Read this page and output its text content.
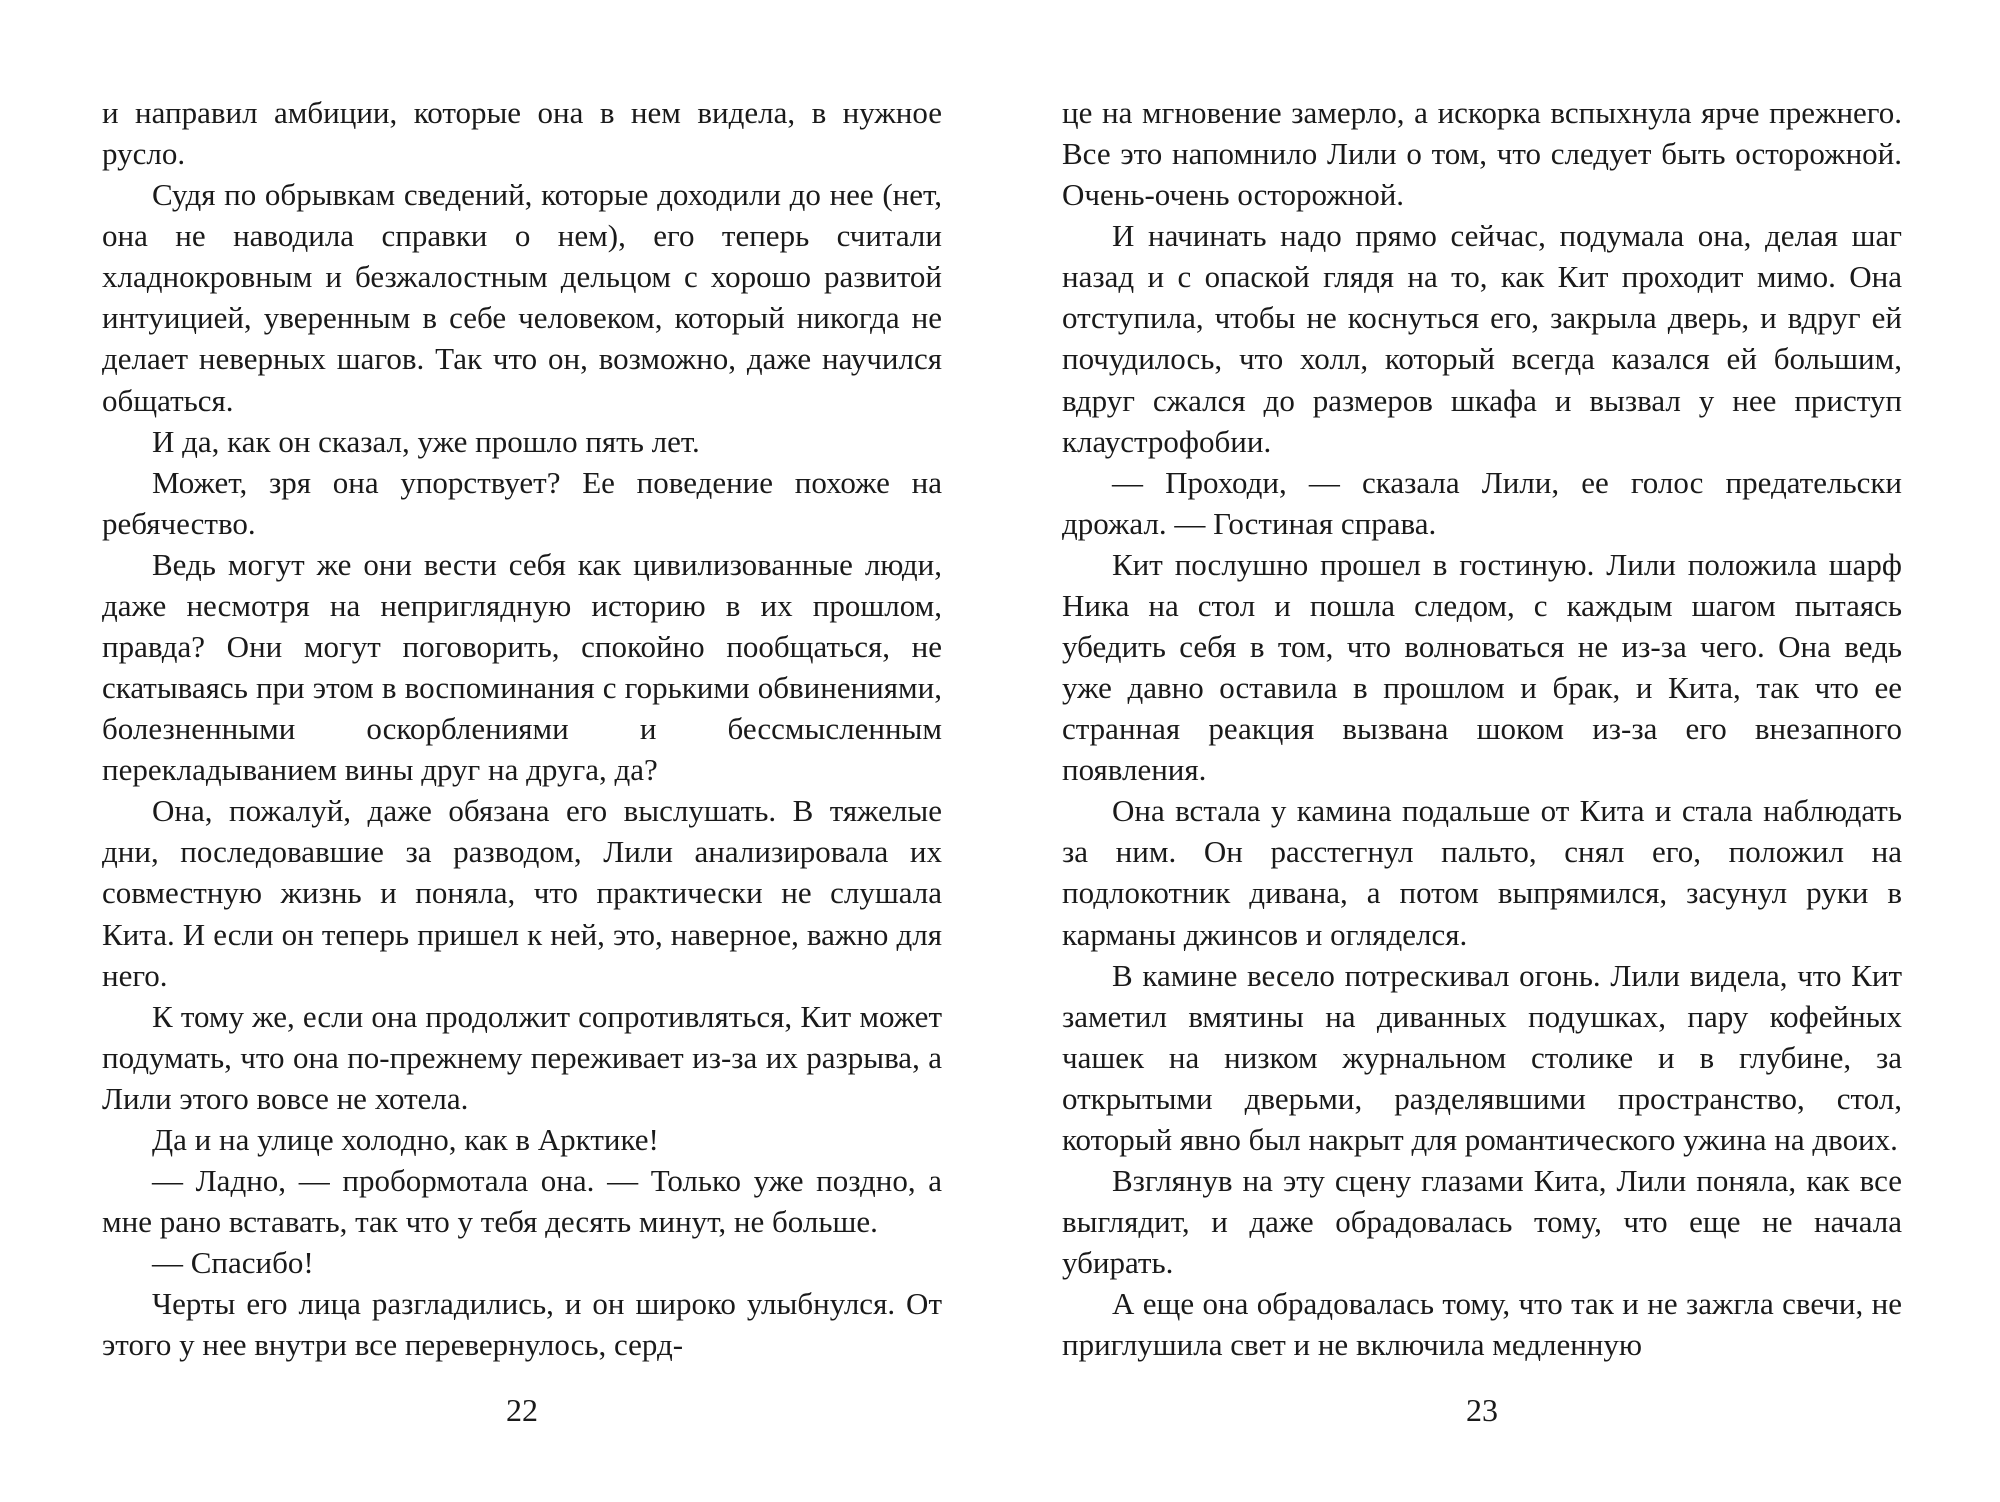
и направил амбиции, которые она в нем видела, в нужное русло.

Судя по обрывкам сведений, которые доходили до нее (нет, она не наводила справки о нем), его теперь считали хладнокровным и безжалостным дельцом с хорошо развитой интуицией, уверенным в себе человеком, который никогда не делает неверных шагов. Так что он, возможно, даже научился общаться.

И да, как он сказал, уже прошло пять лет.

Может, зря она упорствует? Ее поведение похоже на ребячество.

Ведь могут же они вести себя как цивилизованные люди, даже несмотря на неприглядную историю в их прошлом, правда? Они могут поговорить, спокойно пообщаться, не скатываясь при этом в воспоминания с горькими обвинениями, болезненными оскорблениями и бессмысленным перекладыванием вины друг на друга, да?

Она, пожалуй, даже обязана его выслушать. В тяжелые дни, последовавшие за разводом, Лили анализировала их совместную жизнь и поняла, что практически не слушала Кита. И если он теперь пришел к ней, это, наверное, важно для него.

К тому же, если она продолжит сопротивляться, Кит может подумать, что она по-прежнему переживает из-за их разрыва, а Лили этого вовсе не хотела.

Да и на улице холодно, как в Арктике!

— Ладно, — пробормотала она. — Только уже поздно, а мне рано вставать, так что у тебя десять минут, не больше.

— Спасибо!

Черты его лица разгладились, и он широко улыбнулся. От этого у нее внутри все перевернулось, серд-

22

це на мгновение замерло, а искорка вспыхнула ярче прежнего. Все это напомнило Лили о том, что следует быть осторожной. Очень-очень осторожной.

И начинать надо прямо сейчас, подумала она, делая шаг назад и с опаской глядя на то, как Кит проходит мимо. Она отступила, чтобы не коснуться его, закрыла дверь, и вдруг ей почудилось, что холл, который всегда казался ей большим, вдруг сжался до размеров шкафа и вызвал у нее приступ клаустрофобии.

— Проходи, — сказала Лили, ее голос предательски дрожал. — Гостиная справа.

Кит послушно прошел в гостиную. Лили положила шарф Ника на стол и пошла следом, с каждым шагом пытаясь убедить себя в том, что волноваться не из-за чего. Она ведь уже давно оставила в прошлом и брак, и Кита, так что ее странная реакция вызвана шоком из-за его внезапного появления.

Она встала у камина подальше от Кита и стала наблюдать за ним. Он расстегнул пальто, снял его, положил на подлокотник дивана, а потом выпрямился, засунул руки в карманы джинсов и огляделся.

В камине весело потрескивал огонь. Лили видела, что Кит заметил вмятины на диванных подушках, пару кофейных чашек на низком журнальном столике и в глубине, за открытыми дверьми, разделявшими пространство, стол, который явно был накрыт для романтического ужина на двоих.

Взглянув на эту сцену глазами Кита, Лили поняла, как все выглядит, и даже обрадовалась тому, что еще не начала убирать.

А еще она обрадовалась тому, что так и не зажгла свечи, не приглушила свет и не включила медленную

23
